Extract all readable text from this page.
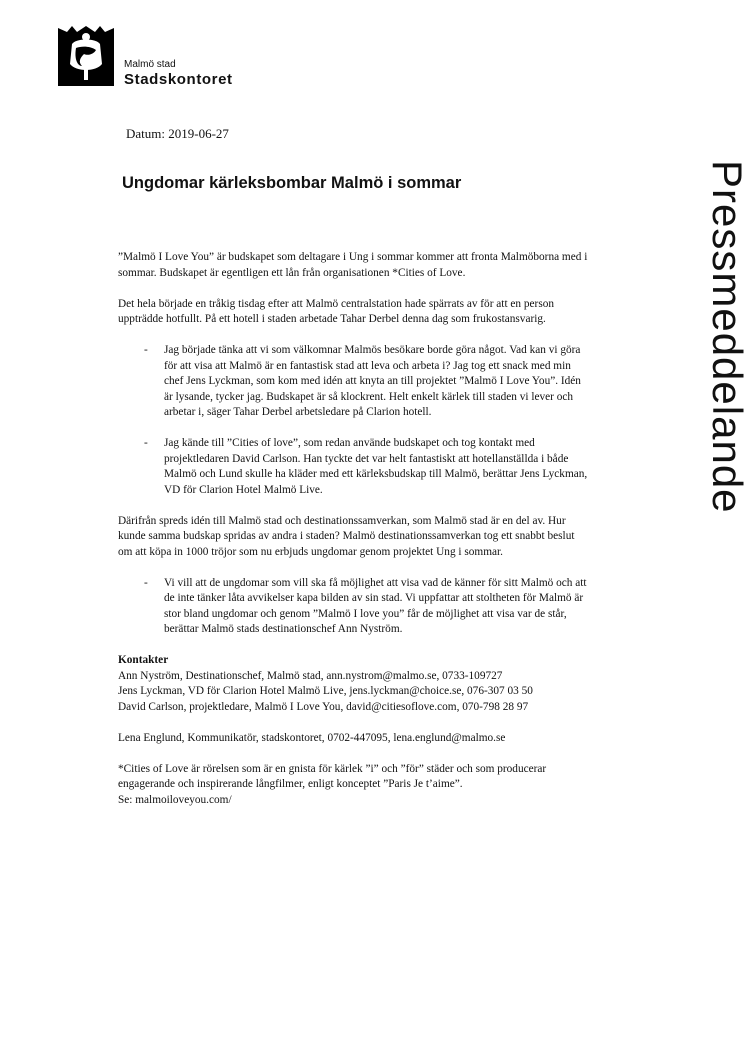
Malmö stad
Stadskontoret
Datum: 2019-06-27
Pressmeddelande
Ungdomar kärleksbombar Malmö i sommar

”Malmö I Love You” är budskapet som deltagare i Ung i sommar kommer att fronta Malmöborna med i sommar. Budskapet är egentligen ett lån från organisationen *Cities of Love.

Det hela började en tråkig tisdag efter att Malmö centralstation hade spärrats av för att en person uppträdde hotfullt. På ett hotell i staden arbetade Tahar Derbel denna dag som frukostansvarig.

- Jag började tänka att vi som välkomnar Malmös besökare borde göra något. Vad kan vi göra för att visa att Malmö är en fantastisk stad att leva och arbeta i? Jag tog ett snack med min chef Jens Lyckman, som kom med idén att knyta an till projektet ”Malmö I Love You”. Idén är lysande, tycker jag. Budskapet är så klockrent. Helt enkelt kärlek till staden vi lever och arbetar i, säger Tahar Derbel arbetsledare på Clarion hotell.
- Jag kände till ”Cities of love”, som redan använde budskapet och tog kontakt med projektledaren David Carlson. Han tyckte det var helt fantastiskt att hotellanställda i både Malmö och Lund skulle ha kläder med ett kärleksbudskap till Malmö, berättar Jens Lyckman, VD för Clarion Hotel Malmö Live.

Därifrån spreds idén till Malmö stad och destinationssamverkan, som Malmö stad är en del av. Hur kunde samma budskap spridas av andra i staden? Malmö destinationssamverkan tog ett snabbt beslut om att köpa in 1000 tröjor som nu erbjuds ungdomar genom projektet Ung i sommar.

- Vi vill att de ungdomar som vill ska få möjlighet att visa vad de känner för sitt Malmö och att de inte tänker låta avvikelser kapa bilden av sin stad. Vi uppfattar att stoltheten för Malmö är stor bland ungdomar och genom ”Malmö I love you” får de möjlighet att visa var de står, berättar Malmö stads destinationschef Ann Nyström.

Kontakter

Ann Nyström, Destinationschef, Malmö stad, ann.nystrom@malmo.se, 0733-109727

Jens Lyckman, VD för Clarion Hotel Malmö Live, jens.lyckman@choice.se, 076-307 03 50

David Carlson, projektledare, Malmö I Love You, david@citiesoflove.com, 070-798 28 97

Lena Englund, Kommunikatör, stadskontoret, 0702-447095, lena.englund@malmo.se

*Cities of Love är rörelsen som är en gnista för kärlek ”i” och ”för” städer och som producerar engagerande och inspirerande långfilmer, enligt konceptet ”Paris Je t’aime”.

Se: malmoiloveyou.com/
